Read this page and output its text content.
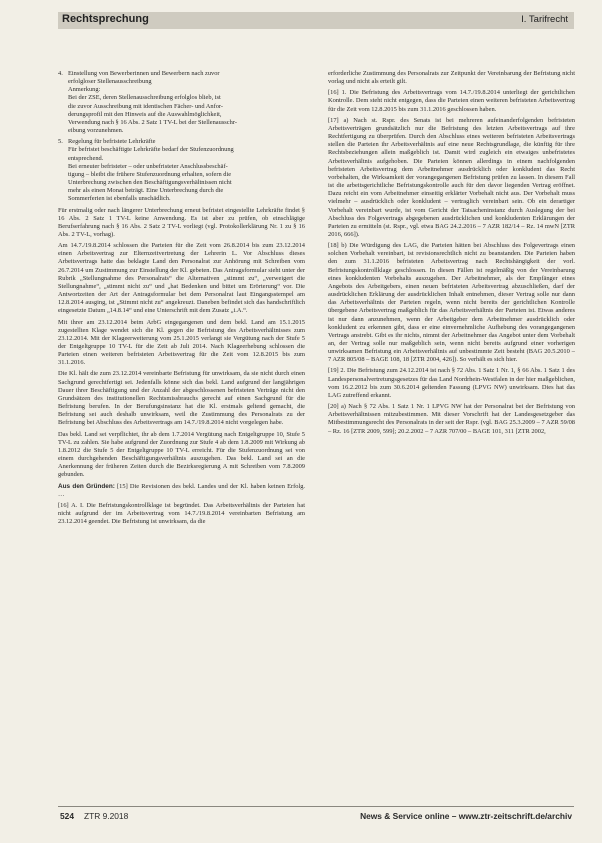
Rechtsprechung	I. Tarifrecht
4. Einstellung von Bewerberinnen und Bewerbern nach zuvor
erfolgloser Stellenausschreibung
Anmerkung:
Bei der ZSE, deren Stellenausschreibung erfolglos blieb, ist
die zuvor Ausschreibung mit identischen Fächer- und Anfor-
derungsprofil mit den Hinweis auf die Auswahlmöglichkeit,
Verwendung nach § 16 Abs. 2 Satz 1 TV-L bei der Stellenausschr-
eibung vorzunehmen.
5. Regelung für befristete Lehrkräfte
Für befristet beschäftigte Lehrkräfte bedarf der Stufenzuordnung
entsprechend.
Bei erneuter befristeter – oder unbefristeter Anschlussbeschäf-
tigung – bleibt die frühere Stufenzuordnung erhalten, sofern die
Unterbrechung zwischen den Beschäftigungsverhältnissen nicht
mehr als einen Monat beträgt. Eine Unterbrechung durch die
Sommerferien ist ebenfalls unschädlich.

Für erstmalig oder nach längerer Unterbrechung erneut befristet eingestellte Lehrkräfte findet § 16 Abs. 2 Satz 1 TV-L keine Anwendung. Es ist aber zu prüfen, ob einschlägige Berufserfahrung nach § 16 Abs. 2 Satz 2 TV-L vorliegt (vgl. Protokollerklärung Nr. 1 zu § 16 Abs. 2 TV-L, vorhag).

Am 14.7./19.8.2014 schlossen die Parteien für die Zeit vom 26.8.2014 bis zum 23.12.2014 einen Arbeitsvertrag zur Elternzeitvertretung der Lehrerin L. Vor Abschluss dieses Arbeitsvertrags hatte das beklagte Land den Personalrat zur Anhörung mit Schreiben vom 26.7.2014 um Zustimmung zur Einstellung der Kl. gebeten. Das Antragsformular sieht unter der Rubrik „Stellungnahme des Personalrats“ die Alternativen „stimmt zu“, „verweigert die Stellungnahme“, „stimmt nicht zu“ und „hat Bedenken und bittet um Erörterung“ vor. Die Antwortzeiten der Art der Antragsformular bei dem Personalrat laut Eingangsstempel am 12.8.2014 ausging, ist „Stimmt nicht zu“ angekreuzt. Daneben befindet sich das handschriftlich eingesetzte Datum „14.8.14“ und eine Unterschrift mit dem Zusatz „i.A.“.

Mit ihrer am 23.12.2014 beim ArbG eingegangenen und dem bekl. Land am 15.1.2015 zugestellten Klage wendet sich die Kl. gegen die Befristung des Arbeitsverhältnisses zum 23.12.2014. Mit der Klageerweiterung vom 25.1.2015 verlangt sie Vergütung nach der Stufe 5 der Entgeltgruppe 10 TV-L für die Zeit ab Juli 2014. Nach Klageerhebung schlossen die Parteien einen weiteren befristeten Arbeitsvertrag für die Zeit vom 12.8.2015 bis zum 31.1.2016.

Die Kl. hält die zum 23.12.2014 vereinbarte Befristung für unwirksam, da sie nicht durch einen Sachgrund gerechtfertigt sei. Jedenfalls könne sich das bekl. Land aufgrund der langjährigen Dauer ihrer Beschäftigung und der Anzahl der abgeschlossenen befristeten Verträge nicht den Grundsätzen des institutionellen Rechtsmissbrauchs gerecht auf einen Sachgrund für die Befristung berufen. In der Berufungsinstanz hat die Kl. erstmals geltend gemacht, die Befristung sei auch deshalb unwirksam, weil die Zustimmung des Personalrats zu der Befristung bei Abschluss des Arbeitsvertrags am 14.7./19.8.2014 nicht vorgelegen habe.

Das bekl. Land sei verpflichtet, ihr ab dem 1.7.2014 Vergütung nach Entgeltgruppe 10, Stufe 5 TV-L zu zahlen. Sie habe aufgrund der Zuordnung zur Stufe 4 ab dem 1.8.2009 mit Wirkung ab 1.8.2012 die Stufe 5 der Entgeltgruppe 10 TV-L erreicht. Für die Stufenzuordnung sei von einem durchgehenden Beschäftigungsverhältnis auszugehen. Das bekl. Land sei an die Anerkennung der früheren Zeiten durch die Bezirksregierung A mit Schreiben vom 7.8.2009 gebunden.

Aus den Gründen: [15] Die Revisionen des bekl. Landes und der Kl. haben keinen Erfolg. …

[16] A. I. Die Befristungskontrollklage ist begründet. Das Arbeitsverhältnis der Parteien hat nicht aufgrund der im Arbeitsvertrag vom 14.7./19.8.2014 vereinbarten Befristung am 23.12.2014 geendet. Die Befristung ist unwirksam, da die

erforderliche Zustimmung des Personalrats zur Zeitpunkt der Vereinbarung der Befristung nicht vorlag und nicht als erteilt gilt.

[16] 1. Die Befristung des Arbeitsvertrags vom 14.7./19.8.2014 unterliegt der gerichtlichen Kontrolle. Dem steht nicht entgegen, dass die Parteien einen weiteren befristeten Arbeitsvertrag für die Zeit vom 12.8.2015 bis zum 31.1.2016 geschlossen haben.

[17] a) Nach st. Rspr. des Senats ist bei mehreren aufeinanderfolgenden befristeten Arbeitsverträgen grundsätzlich nur die Befristung des letzten Arbeitsvertrags auf ihre Rechtfertigung zu überprüfen. Durch den Abschluss eines weiteren befristeten Arbeitsvertrags stellen die Parteien ihr Arbeitsverhältnis auf eine neue Rechtsgrundlage, die künftig für ihre Rechtsbeziehungen allein maßgeblich ist. Damit wird zugleich ein etwaiges unbefristetes Arbeitsverhältnis aufgehoben. Die Parteien können allerdings in einem nachfolgenden befristeten Arbeitsvertrag dem Arbeitnehmer ausdrücklich oder konkludent das Recht vorbehalten, die Wirksamkeit der vorangegangenen Befristung prüfen zu lassen. In diesem Fall ist die arbeitsgerichtliche Befristungskontrolle auch für den davor liegenden Vertrag eröffnet. Dazu reicht ein vom Arbeitnehmer einseitig erklärter Vorbehalt nicht aus. Der Vorbehalt muss vielmehr – ausdrücklich oder konkludent – vertraglich vereinbart sein. Ob ein derartiger Vorbehalt vereinbart wurde, ist vom Gericht der Tatsacheninstanz durch Auslegung der bei Abschluss des Folgevertrags abgegebenen ausdrücklichen und konkludenten Erklärungen der Parteien zu ermitteln (st. Rspr., vgl. etwa BAG 24.2.2016 – 7 AZR 182/14 – Rz. 14 mwN [ZTR 2016, 666]).

[18] b) Die Würdigung des LAG, die Parteien hätten bei Abschluss des Folgevertrags einen solchen Vorbehalt vereinbart, ist revisionsrechtlich nicht zu beanstanden. Die Parteien haben den zum 31.1.2016 befristeten Arbeitsvertrag nach Rechtshängigkeit der vorl. Befristungskontrollklage geschlossen. In diesen Fällen ist regelmäßig von der Vereinbarung eines konkludenten Vorbehalts auszugehen. Der Arbeitnehmer, als der Empfänger eines Angebots des Arbeitgebers, einen neuen befristeten Arbeitsvertrag abzuschließen, darf der ausdrücklichen Erklärung der ausdrücklichen Inhalt entnehmen, dieser Vertrag solle nur dann das Arbeitsverhältnis der Parteien regeln, wenn nicht bereits der gerichtlichen Kontrolle übergebene Arbeitsvertrag maßgeblich für das Arbeitsverhältnis der Parteien ist. Etwas anderes ist nur dann anzunehmen, wenn der Arbeitgeber dem Arbeitnehmer ausdrücklich oder konkludent zu erkennen gibt, dass er eine einvernehmliche Aufhebung des vorangegangenen Vertrags anstrebt. Gibt es ihr nichts, nimmt der Arbeitnehmer das Angebot unter dem Vorbehalt an, der Vertrag solle nur maßgeblich sein, wenn nicht bereits aufgrund einer vorherigen unwirksamen Befristung ein Arbeitsverhältnis auf unbestimmte Zeit besteht (BAG 20.5.2010 – 7 AZR 805/08 – BAGE 108, 18 [ZTR 2004, 426]). So verhält es sich hier.

[19] 2. Die Befristung zum 24.12.2014 ist nach § 72 Abs. 1 Satz 1 Nr. 1, § 66 Abs. 1 Satz 1 des Landespersonalvertretungsgesetzes für das Land Nordrhein-Westfalen in der hier maßgeblichen, vom 16.2.2012 bis zum 30.6.2014 geltenden Fassung (LPVG NW) unwirksam. Dies hat das LAG zutreffend erkannt.

[20] a) Nach § 72 Abs. 1 Satz 1 Nr. 1 LPVG NW hat der Personalrat bei der Befristung von Arbeitsverhältnissen mitzubestimmen. Mit dieser Vorschrift hat der Landesgesetzgeber das Mitbestimmungsrecht des Personalrats in der seit der Rspr. (vgl. BAG 25.3.2009 – 7 AZR 59/08 – Rz. 16 [ZTR 2009, 599]; 20.2.2002 – 7 AZR 707/00 – BAGE 101, 311 [ZTR 2002,

524 ZTR 9.2018	News & Service online – www.ztr-zeitschrift.de/archiv
